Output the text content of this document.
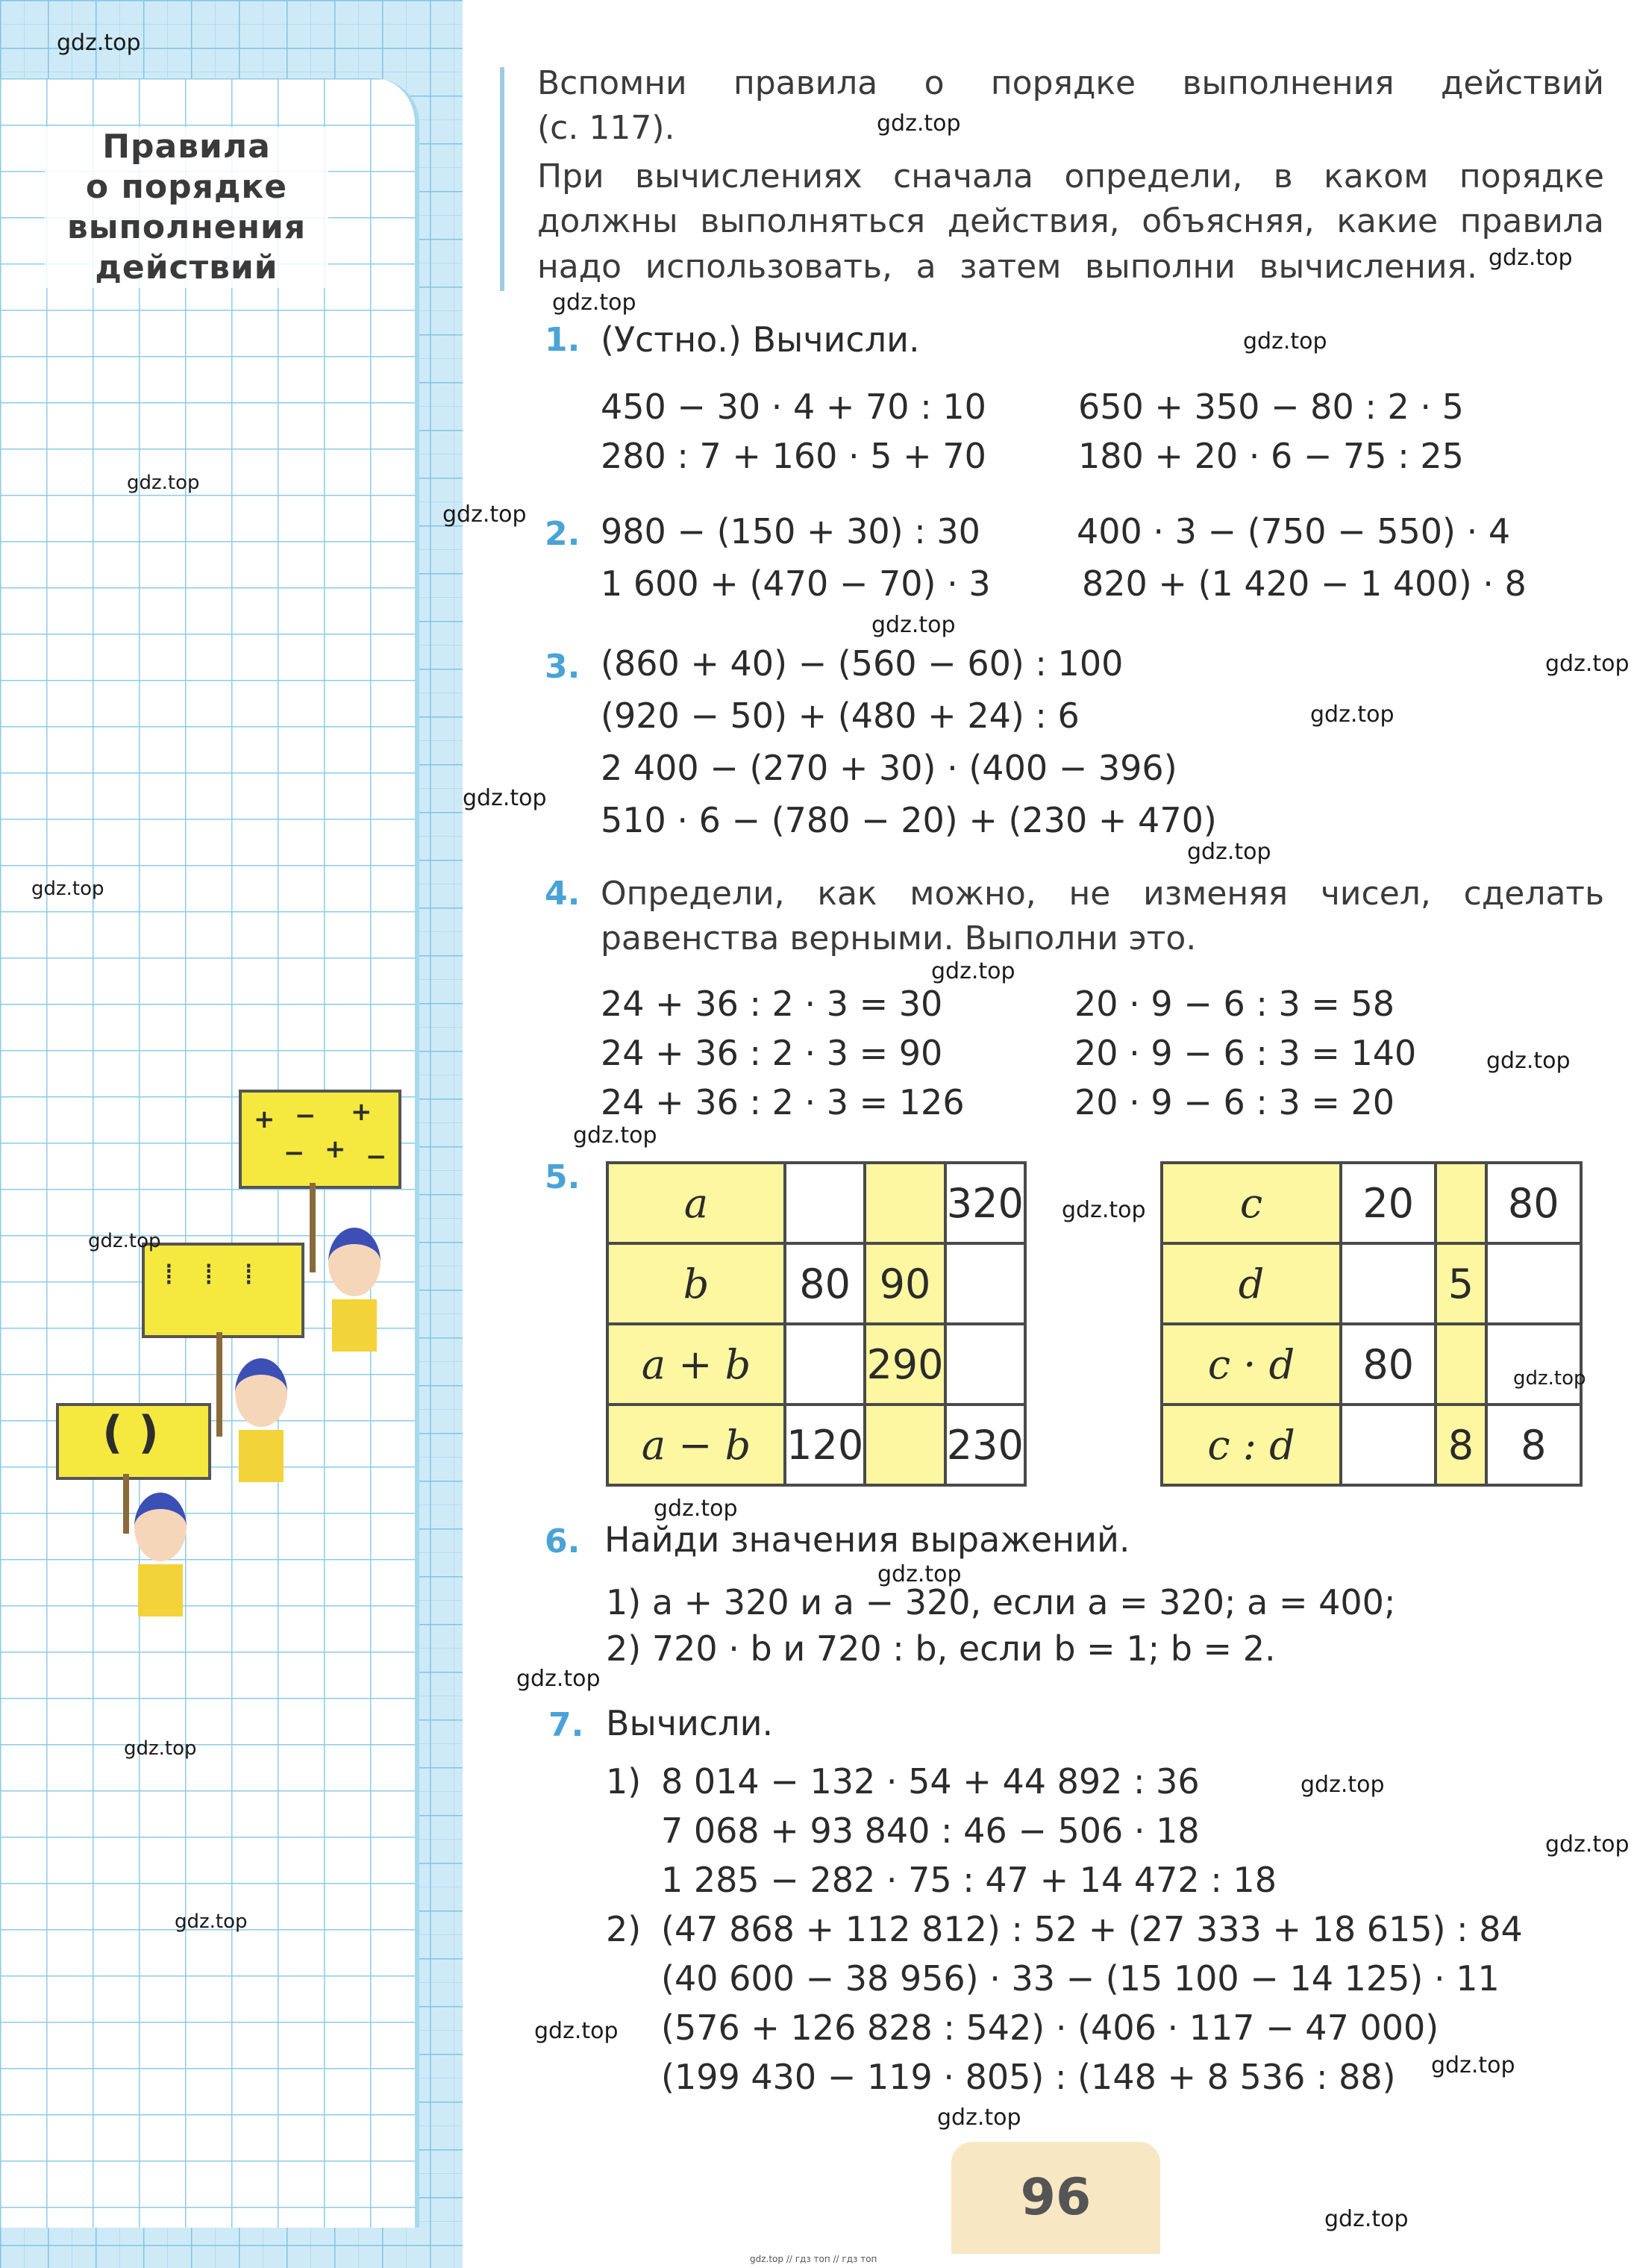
Правила
о порядке
выполнения
действий
+ − +
− + −
⁞ ⁞ ⁞
( )
Вспомни правила о порядке выполнения действий
(с. 117).
При вычислениях сначала определи, в каком порядке
должны выполняться действия, объясняя, какие правила
надо использовать, а затем выполни вычисления.
1. (Устно.) Вычисли.
450 − 30 · 4 + 70 : 10
280 : 7 + 160 · 5 + 70
650 + 350 − 80 : 2 · 5
180 + 20 · 6 − 75 : 25
2. 980 − (150 + 30) : 30
1 600 + (470 − 70) · 3
400 · 3 − (750 − 550) · 4
820 + (1 420 − 1 400) · 8
3. (860 + 40) − (560 − 60) : 100
(920 − 50) + (480 + 24) : 6
2 400 − (270 + 30) · (400 − 396)
510 · 6 − (780 − 20) + (230 + 470)
4. Определи, как можно, не изменяя чисел, сделать
равенства верными. Выполни это.
24 + 36 : 2 · 3 = 30
24 + 36 : 2 · 3 = 90
24 + 36 : 2 · 3 = 126
20 · 9 − 6 : 3 = 58
20 · 9 − 6 : 3 = 140
20 · 9 − 6 : 3 = 20
5.
a			320
b	80	90	
a + b		290	
a − b	120		230
c	20		80
d		5	
c · d	80		
c : d		8	8
6. Найди значения выражений.
1) a + 320 и a − 320, если a = 320; a = 400;
2) 720 · b и 720 : b, если b = 1; b = 2.
7. Вычисли.
1) 8 014 − 132 · 54 + 44 892 : 36
7 068 + 93 840 : 46 − 506 · 18
1 285 − 282 · 75 : 47 + 14 472 : 18
2) (47 868 + 112 812) : 52 + (27 333 + 18 615) : 84
(40 600 − 38 956) · 33 − (15 100 − 14 125) · 11
(576 + 126 828 : 542) · (406 · 117 − 47 000)
(199 430 − 119 · 805) : (148 + 8 536 : 88)
96
gdz.top
gdz.top
gdz.top
gdz.top
gdz.top
gdz.top
gdz.top
gdz.top
gdz.top
gdz.top
gdz.top
gdz.top
gdz.top
gdz.top
gdz.top
gdz.top
gdz.top
gdz.top
gdz.top
gdz.top
gdz.top
gdz.top
gdz.top
gdz.top
gdz.top
gdz.top
gdz.top
gdz.top
gdz.top
gdz.top
gdz.top // гдз топ // гдз топ
